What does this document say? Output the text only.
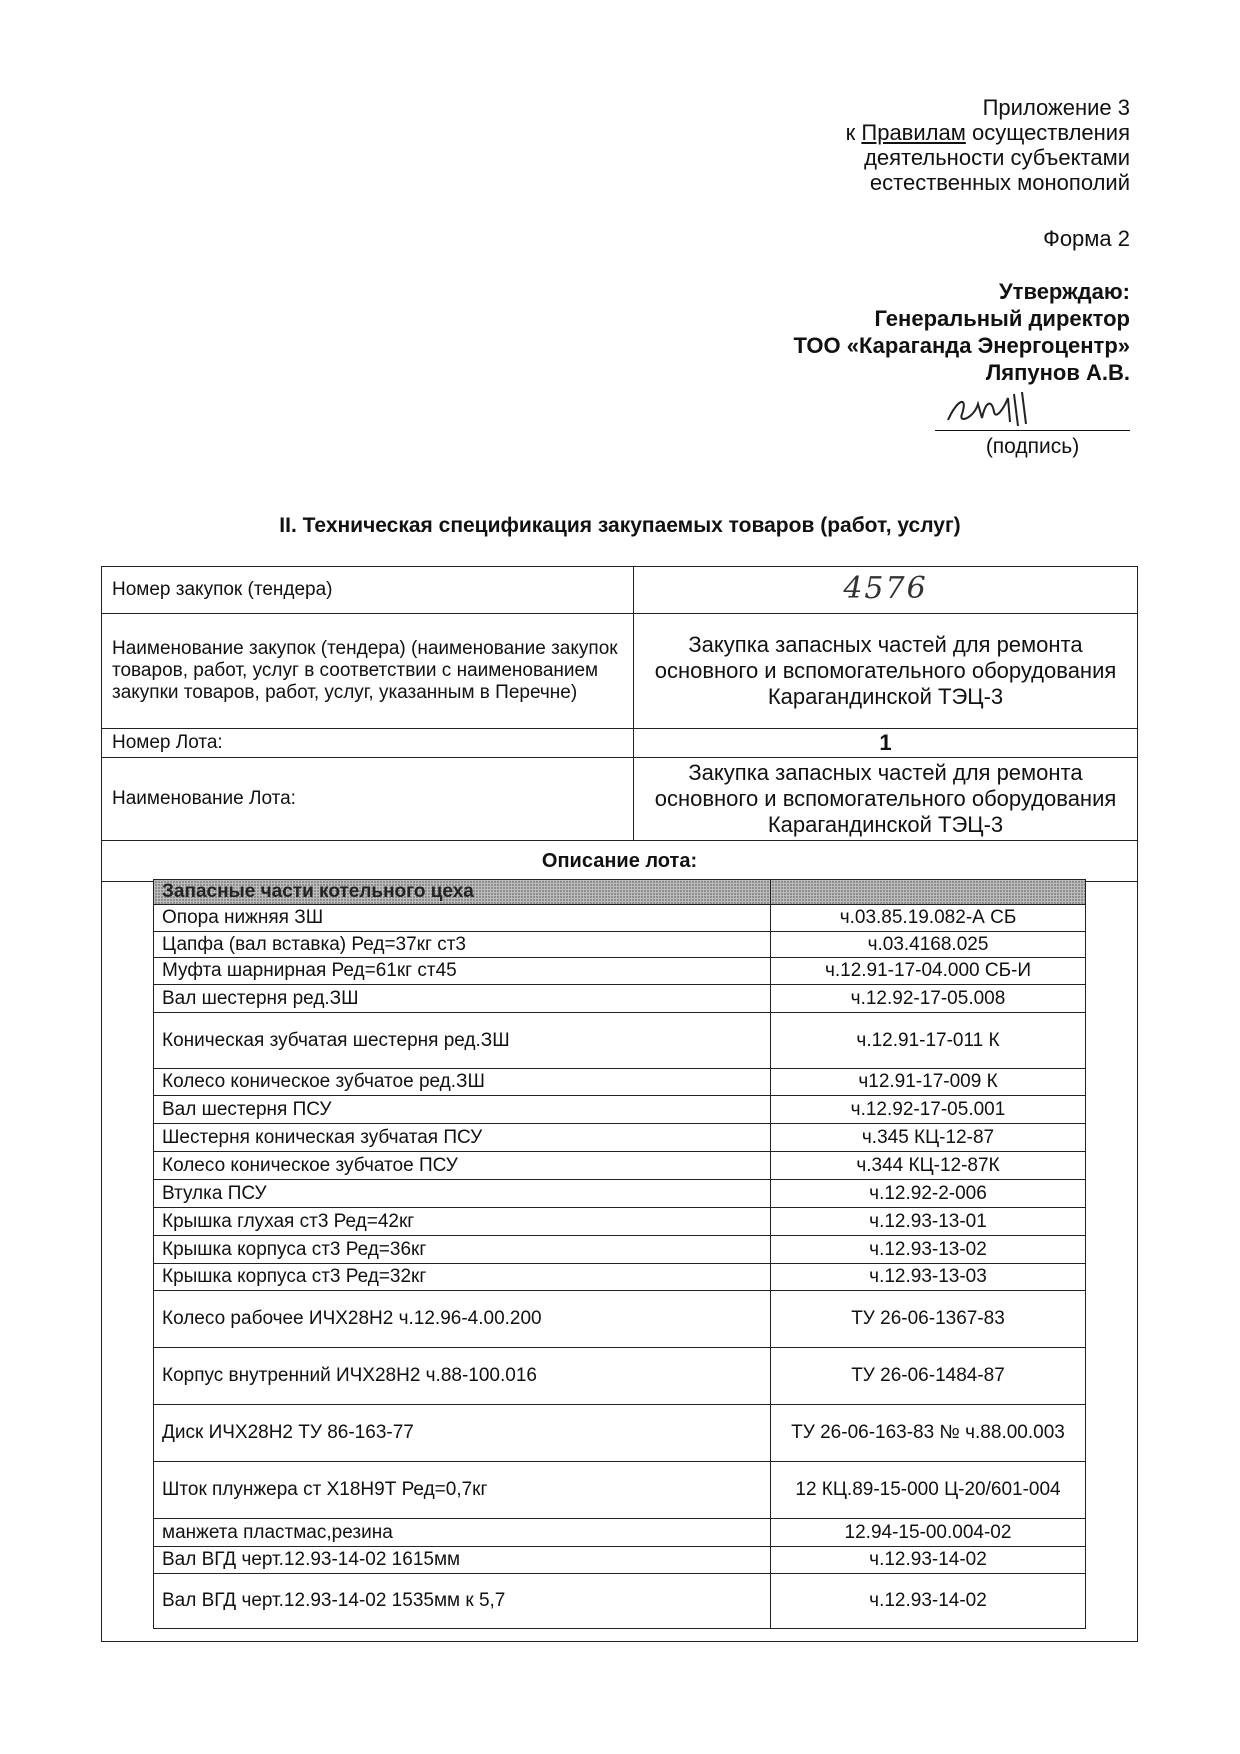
Приложение 3
к Правилам осуществления
деятельности субъектами
естественных монополий
Форма 2
Утверждаю:
Генеральный директор
ТОО «Караганда Энергоцентр»
Ляпунов А.В.
(подпись)
II. Техническая спецификация закупаемых товаров (работ, услуг)
Номер закупок (тендера)	4576
Наименование закупок (тендера) (наименование закупок товаров, работ, услуг в соответствии с наименованием закупки товаров, работ, услуг, указанным в Перечне)	Закупка запасных частей для ремонта основного и вспомогательного оборудования Карагандинской ТЭЦ-3
Номер Лота:	1
Наименование Лота:	Закупка запасных частей для ремонта основного и вспомогательного оборудования Карагандинской ТЭЦ-3
Описание лота:	
Запасные части котельного цеха	
Опора нижняя ЗШ	ч.03.85.19.082-А СБ
Цапфа (вал вставка) Ред=37кг ст3	ч.03.4168.025
Муфта шарнирная Ред=61кг ст45	ч.12.91-17-04.000 СБ-И
Вал шестерня ред.ЗШ	ч.12.92-17-05.008
Коническая зубчатая шестерня ред.ЗШ	ч.12.91-17-011 К
Колесо коническое зубчатое ред.ЗШ	ч12.91-17-009 К
Вал шестерня ПСУ	ч.12.92-17-05.001
Шестерня коническая зубчатая ПСУ	ч.345 КЦ-12-87
Колесо коническое зубчатое ПСУ	ч.344 КЦ-12-87К
Втулка ПСУ	ч.12.92-2-006
Крышка глухая ст3 Ред=42кг	ч.12.93-13-01
Крышка корпуса ст3 Ред=36кг	ч.12.93-13-02
Крышка корпуса ст3 Ред=32кг	ч.12.93-13-03
Колесо рабочее ИЧХ28Н2 ч.12.96-4.00.200	ТУ 26-06-1367-83
Корпус внутренний ИЧХ28Н2 ч.88-100.016	ТУ 26-06-1484-87
Диск ИЧХ28Н2 ТУ 86-163-77	ТУ 26-06-163-83 № ч.88.00.003
Шток плунжера ст Х18Н9Т Ред=0,7кг	12 КЦ.89-15-000 Ц-20/601-004
манжета пластмас,резина	12.94-15-00.004-02
Вал ВГД черт.12.93-14-02 1615мм	ч.12.93-14-02
Вал ВГД черт.12.93-14-02 1535мм к 5,7	ч.12.93-14-02
